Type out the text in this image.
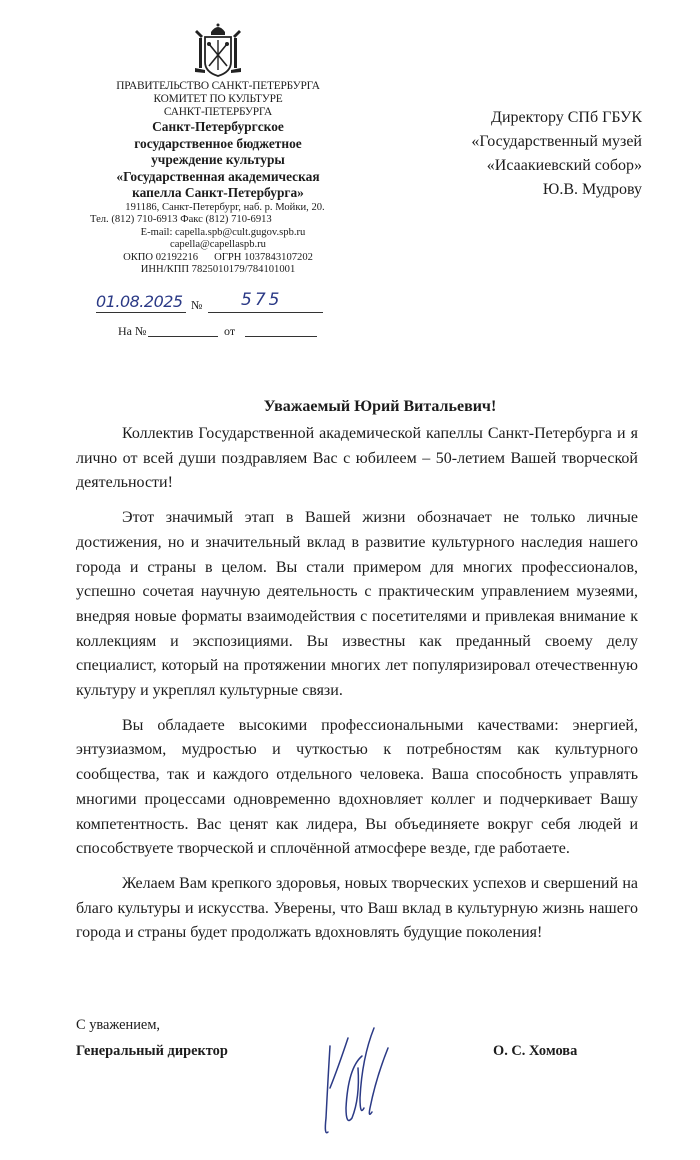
ПРАВИТЕЛЬСТВО САНКТ-ПЕТЕРБУРГА
КОМИТЕТ ПО КУЛЬТУРЕ
САНКТ-ПЕТЕРБУРГА
Санкт-Петербургское
государственное бюджетное
учреждение культуры
«Государственная академическая
капелла Санкт-Петербурга»
191186, Санкт-Петербург, наб. р. Мойки, 20.
Тел. (812) 710-6913 Факс (812) 710-6913
E-mail: capella.spb@cult.gugov.spb.ru
capella@capellaspb.ru
ОКПО 02192216 ОГРН 1037843107202
ИНН/КПП 7825010179/784101001
01.08.2025 № 575
На №	от
Директору СПб ГБУК
«Государственный музей
«Исаакиевский собор»
Ю.В. Мудрову
Уважаемый Юрий Витальевич!

Коллектив Государственной академической капеллы Санкт-Петербурга и я лично от всей души поздравляем Вас с юбилеем – 50-летием Вашей творческой деятельности!

Этот значимый этап в Вашей жизни обозначает не только личные достижения, но и значительный вклад в развитие культурного наследия нашего города и страны в целом. Вы стали примером для многих профессионалов, успешно сочетая научную деятельность с практическим управлением музеями, внедряя новые форматы взаимодействия с посетителями и привлекая внимание к коллекциям и экспозициями. Вы известны как преданный своему делу специалист, который на протяжении многих лет популяризировал отечественную культуру и укреплял культурные связи.

Вы обладаете высокими профессиональными качествами: энергией, энтузиазмом, мудростью и чуткостью к потребностям как культурного сообщества, так и каждого отдельного человека. Ваша способность управлять многими процессами одновременно вдохновляет коллег и подчеркивает Вашу компетентность. Вас ценят как лидера, Вы объединяете вокруг себя людей и способствуете творческой и сплочённой атмосфере везде, где работаете.

Желаем Вам крепкого здоровья, новых творческих успехов и свершений на благо культуры и искусства. Уверены, что Ваш вклад в культурную жизнь нашего города и страны будет продолжать вдохновлять будущие поколения!

С уважением,
Генеральный директор	О. С. Хомова
